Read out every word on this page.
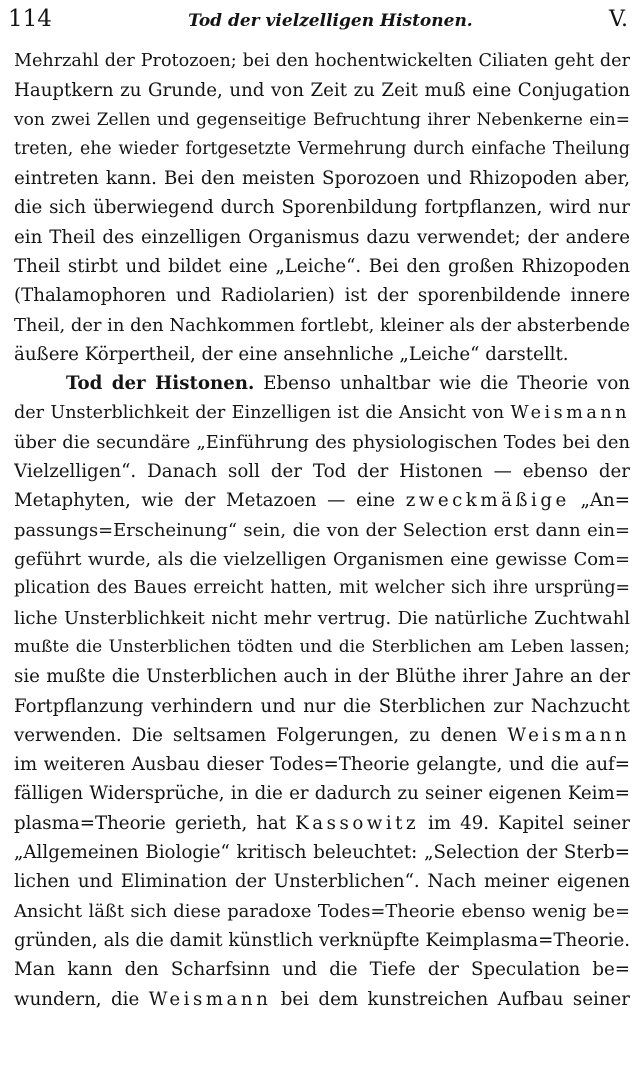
114	Tod der vielzelligen Histonen.	V.
Mehrzahl der Protozoen; bei den hochentwickelten Ciliaten geht der
Hauptkern zu Grunde, und von Zeit zu Zeit muß eine Conjugation
von zwei Zellen und gegenseitige Befruchtung ihrer Nebenkerne ein=
treten, ehe wieder fortgesetzte Vermehrung durch einfache Theilung
eintreten kann. Bei den meisten Sporozoen und Rhizopoden aber,
die sich überwiegend durch Sporenbildung fortpflanzen, wird nur
ein Theil des einzelligen Organismus dazu verwendet; der andere
Theil stirbt und bildet eine „Leiche“. Bei den großen Rhizopoden
(Thalamophoren und Radiolarien) ist der sporenbildende innere
Theil, der in den Nachkommen fortlebt, kleiner als der absterbende
äußere Körpertheil, der eine ansehnliche „Leiche“ darstellt.
Tod der Histonen. Ebenso unhaltbar wie die Theorie von
der Unsterblichkeit der Einzelligen ist die Ansicht von Weismann
über die secundäre „Einführung des physiologischen Todes bei den
Vielzelligen“. Danach soll der Tod der Histonen — ebenso der
Metaphyten, wie der Metazoen — eine zweckmäßige „An=
passungs=Erscheinung“ sein, die von der Selection erst dann ein=
geführt wurde, als die vielzelligen Organismen eine gewisse Com=
plication des Baues erreicht hatten, mit welcher sich ihre ursprüng=
liche Unsterblichkeit nicht mehr vertrug. Die natürliche Zuchtwahl
mußte die Unsterblichen tödten und die Sterblichen am Leben lassen;
sie mußte die Unsterblichen auch in der Blüthe ihrer Jahre an der
Fortpflanzung verhindern und nur die Sterblichen zur Nachzucht
verwenden. Die seltsamen Folgerungen, zu denen Weismann
im weiteren Ausbau dieser Todes=Theorie gelangte, und die auf=
fälligen Widersprüche, in die er dadurch zu seiner eigenen Keim=
plasma=Theorie gerieth, hat Kassowitz im 49. Kapitel seiner
„Allgemeinen Biologie“ kritisch beleuchtet: „Selection der Sterb=
lichen und Elimination der Unsterblichen“. Nach meiner eigenen
Ansicht läßt sich diese paradoxe Todes=Theorie ebenso wenig be=
gründen, als die damit künstlich verknüpfte Keimplasma=Theorie.
Man kann den Scharfsinn und die Tiefe der Speculation be=
wundern, die Weismann bei dem kunstreichen Aufbau seiner
